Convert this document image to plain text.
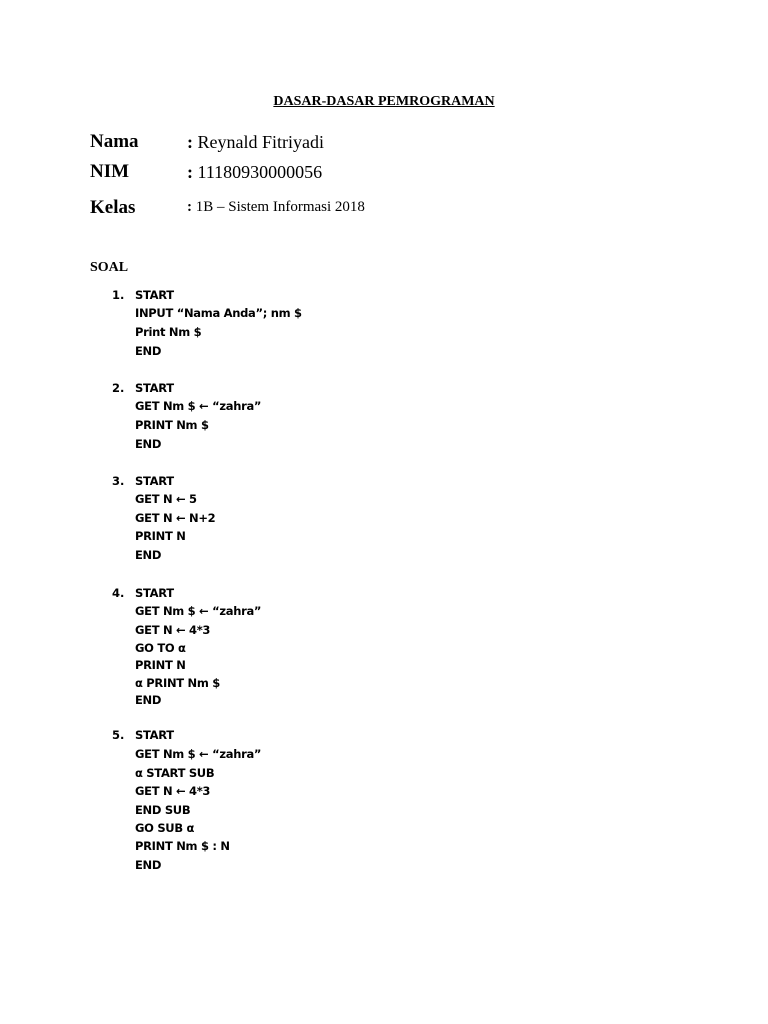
DASAR-DASAR PEMROGRAMAN
Nama	: Reynald Fitriyadi
NIM	: 11180930000056
Kelas	: 1B – Sistem Informasi 2018
SOAL
1. START
INPUT “Nama Anda”; nm $
Print Nm $
END
2. START
GET Nm $ ← “zahra”
PRINT Nm $
END
3. START
GET N ← 5
GET N ← N+2
PRINT N
END
4. START
GET Nm $ ← “zahra”
GET N ← 4*3
GO TO α
PRINT N
α PRINT Nm $
END
5. START
GET Nm $ ← “zahra”
α START SUB
GET N ← 4*3
END SUB
GO SUB α
PRINT Nm $ : N
END
